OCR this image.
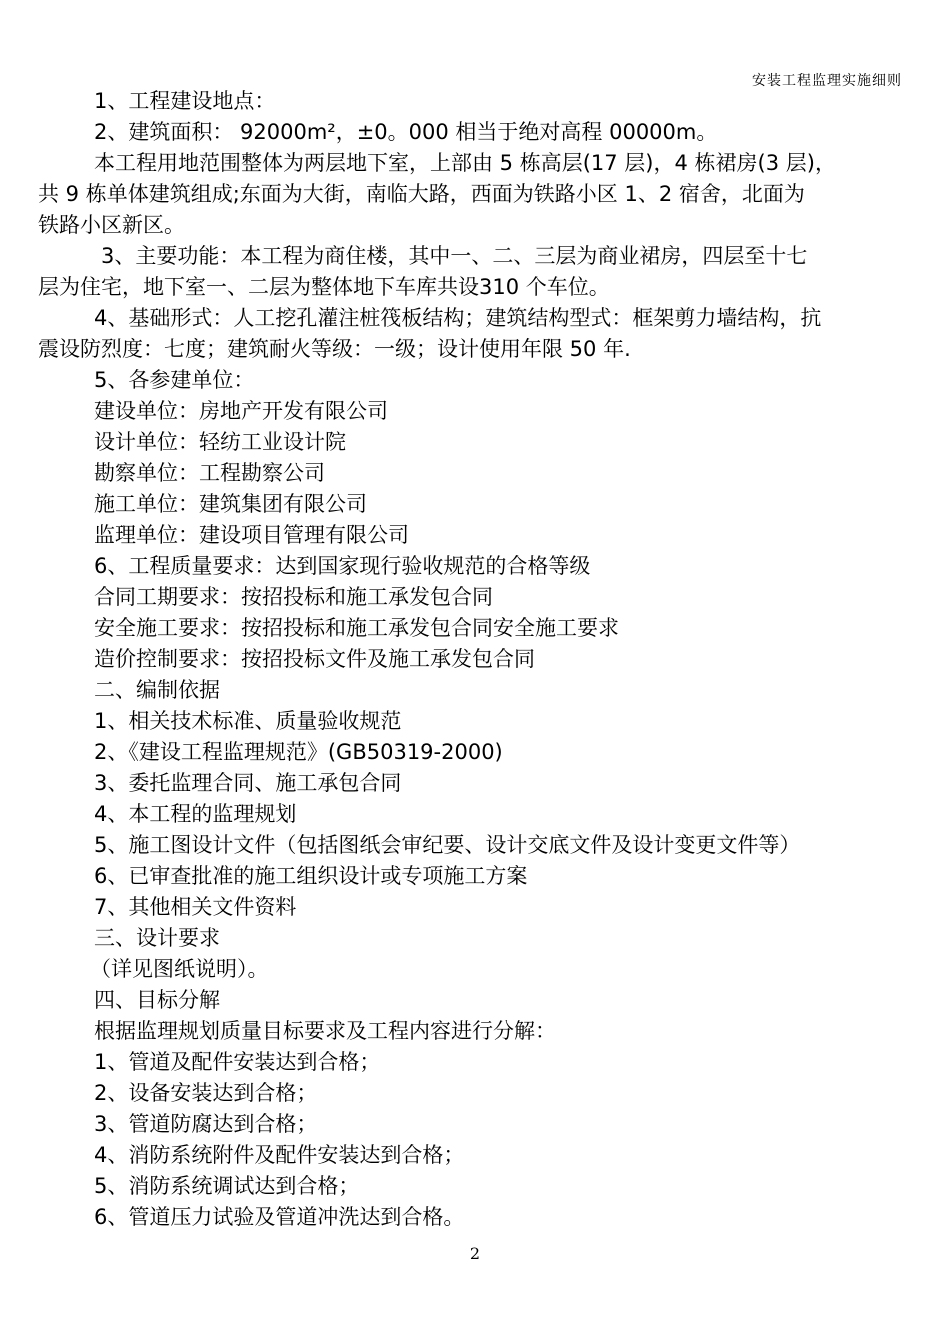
安装工程监理实施细则
1、工程建设地点：
2、建筑面积： 92000m²，±0。000 相当于绝对高程 00000m。
本工程用地范围整体为两层地下室，上部由 5 栋高层(17 层)，4 栋裙房(3 层)，
共 9 栋单体建筑组成;东面为大街，南临大路，西面为铁路小区 1、2 宿舍，北面为
铁路小区新区。
3、主要功能：本工程为商住楼，其中一、二、三层为商业裙房，四层至十七
层为住宅，地下室一、二层为整体地下车库共设310 个车位。
4、基础形式：人工挖孔灌注桩筏板结构；建筑结构型式：框架剪力墙结构，抗
震设防烈度：七度；建筑耐火等级：一级；设计使用年限 50 年.
5、各参建单位：
建设单位：房地产开发有限公司
设计单位：轻纺工业设计院
勘察单位：工程勘察公司
施工单位：建筑集团有限公司
监理单位：建设项目管理有限公司
6、工程质量要求：达到国家现行验收规范的合格等级
合同工期要求：按招投标和施工承发包合同
安全施工要求：按招投标和施工承发包合同安全施工要求
造价控制要求：按招投标文件及施工承发包合同
二、编制依据
1、相关技术标准、质量验收规范
2、《建设工程监理规范》(GB50319-2000)
3、委托监理合同、施工承包合同
4、本工程的监理规划
5、施工图设计文件（包括图纸会审纪要、设计交底文件及设计变更文件等）
6、已审查批准的施工组织设计或专项施工方案
7、其他相关文件资料
三、设计要求
（详见图纸说明）。
四、目标分解
根据监理规划质量目标要求及工程内容进行分解：
1、管道及配件安装达到合格；
2、设备安装达到合格；
3、管道防腐达到合格；
4、消防系统附件及配件安装达到合格；
5、消防系统调试达到合格；
6、管道压力试验及管道冲洗达到合格。
2
